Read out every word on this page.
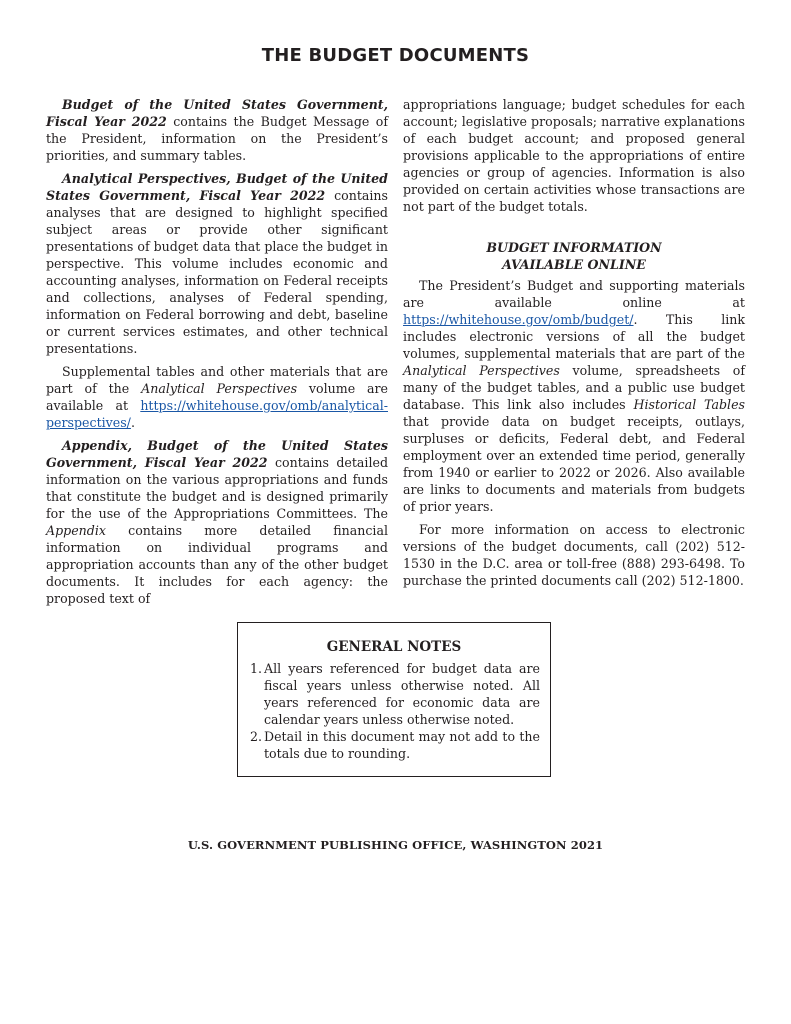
THE BUDGET DOCUMENTS

Budget of the United States Government, Fiscal Year 2022 contains the Budget Message of the President, information on the President’s priorities, and summary tables.

Analytical Perspectives, Budget of the United States Government, Fiscal Year 2022 contains analyses that are designed to highlight specified subject areas or provide other significant presentations of budget data that place the budget in perspective. This volume includes economic and accounting analyses, information on Federal receipts and collections, analyses of Federal spending, information on Federal borrowing and debt, baseline or current services estimates, and other technical presentations.

Supplemental tables and other materials that are part of the Analytical Perspectives volume are available at https://whitehouse.gov/omb/analytical-perspectives/.

Appendix, Budget of the United States Government, Fiscal Year 2022 contains detailed information on the various appropriations and funds that constitute the budget and is designed primarily for the use of the Appropriations Committees. The Appendix contains more detailed financial information on individual programs and appropriation accounts than any of the other budget documents. It includes for each agency: the proposed text of

appropriations language; budget schedules for each account; legislative proposals; narrative explanations of each budget account; and proposed general provisions applicable to the appropriations of entire agencies or group of agencies. Information is also provided on certain activities whose transactions are not part of the budget totals.

BUDGET INFORMATION
AVAILABLE ONLINE

The President’s Budget and supporting materials are available online at https://whitehouse.gov/omb/budget/. This link includes electronic versions of all the budget volumes, supplemental materials that are part of the Analytical Perspectives volume, spreadsheets of many of the budget tables, and a public use budget database. This link also includes Historical Tables that provide data on budget receipts, outlays, surpluses or deficits, Federal debt, and Federal employment over an extended time period, generally from 1940 or earlier to 2022 or 2026. Also available are links to documents and materials from budgets of prior years.

For more information on access to electronic versions of the budget documents, call (202) 512-1530 in the D.C. area or toll-free (888) 293-6498. To purchase the printed documents call (202) 512-1800.

GENERAL NOTES
1. All years referenced for budget data are fiscal years unless otherwise noted. All years referenced for economic data are calendar years unless otherwise noted.
2. Detail in this document may not add to the totals due to rounding.
U.S. GOVERNMENT PUBLISHING OFFICE, WASHINGTON 2021
